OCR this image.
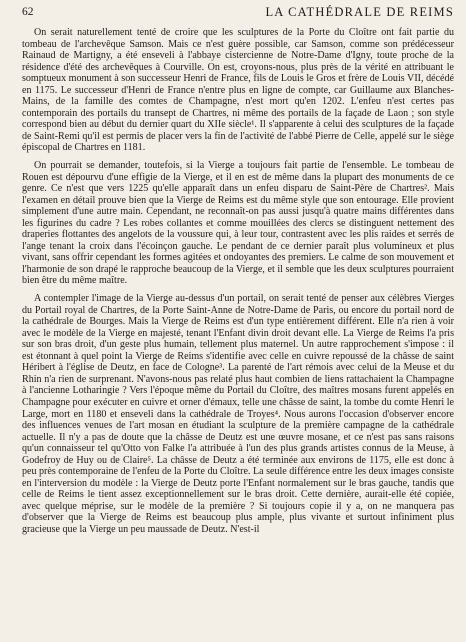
62	LA CATHÉDRALE DE REIMS

On serait naturellement tenté de croire que les sculptures de la Porte du Cloître ont fait partie du tombeau de l'archevêque Samson. Mais ce n'est guère possible, car Samson, comme son prédécesseur Rainaud de Martigny, a été enseveli à l'abbaye cistercienne de Notre-Dame d'Igny, toute proche de la résidence d'été des archevêques à Courville. On est, croyons-nous, plus près de la vérité en attribuant le somptueux monument à son successeur Henri de France, fils de Louis le Gros et frère de Louis VII, décédé en 1175. Le successeur d'Henri de France n'entre plus en ligne de compte, car Guillaume aux Blanches-Mains, de la famille des comtes de Champagne, n'est mort qu'en 1202. L'enfeu n'est certes pas contemporain des portails du transept de Chartres, ni même des portails de la façade de Laon ; son style correspond bien au début du dernier quart du XIIe siècle¹. Il s'apparente à celui des sculptures de la façade de Saint-Remi qu'il est permis de placer vers la fin de l'activité de l'abbé Pierre de Celle, appelé sur le siège épiscopal de Chartres en 1181.

On pourrait se demander, toutefois, si la Vierge a toujours fait partie de l'ensemble. Le tombeau de Rouen est dépourvu d'une effigie de la Vierge, et il en est de même dans la plupart des monuments de ce genre. Ce n'est que vers 1225 qu'elle apparaît dans un enfeu disparu de Saint-Père de Chartres². Mais l'examen en détail prouve bien que la Vierge de Reims est du même style que son entourage. Elle provient simplement d'une autre main. Cependant, ne reconnaît-on pas aussi jusqu'à quatre mains différentes dans les figurines du cadre ? Les robes collantes et comme mouillées des clercs se distinguent nettement des draperies flottantes des angelots de la voussure qui, à leur tour, contrastent avec les plis raides et serrés de l'ange tenant la croix dans l'écoinçon gauche. Le pendant de ce dernier paraît plus volumineux et plus vivant, sans offrir cependant les formes agitées et ondoyantes des premiers. Le calme de son mouvement et l'harmonie de son drapé le rapproche beaucoup de la Vierge, et il semble que les deux sculptures pourraient bien être du même maître.

A contempler l'image de la Vierge au-dessus d'un portail, on serait tenté de penser aux célèbres Vierges du Portail royal de Chartres, de la Porte Saint-Anne de Notre-Dame de Paris, ou encore du portail nord de la cathédrale de Bourges. Mais la Vierge de Reims est d'un type entièrement différent. Elle n'a rien à voir avec le modèle de la Vierge en majesté, tenant l'Enfant divin droit devant elle. La Vierge de Reims l'a pris sur son bras droit, d'un geste plus humain, tellement plus maternel. Un autre rapprochement s'impose : il est étonnant à quel point la Vierge de Reims s'identifie avec celle en cuivre repoussé de la châsse de saint Héribert à l'église de Deutz, en face de Cologne³. La parenté de l'art rémois avec celui de la Meuse et du Rhin n'a rien de surprenant. N'avons-nous pas relaté plus haut combien de liens rattachaient la Champagne à l'ancienne Lotharingie ? Vers l'époque même du Portail du Cloître, des maîtres mosans furent appelés en Champagne pour exécuter en cuivre et orner d'émaux, telle une châsse de saint, la tombe du comte Henri le Large, mort en 1180 et enseveli dans la cathédrale de Troyes⁴. Nous aurons l'occasion d'observer encore des influences venues de l'art mosan en étudiant la sculpture de la première campagne de la cathédrale actuelle. Il n'y a pas de doute que la châsse de Deutz est une œuvre mosane, et ce n'est pas sans raisons qu'un connaisseur tel qu'Otto von Falke l'a attribuée à l'un des plus grands artistes connus de la Meuse, à Godefroy de Huy ou de Claire⁵. La châsse de Deutz a été terminée aux environs de 1175, elle est donc à peu près contemporaine de l'enfeu de la Porte du Cloître. La seule différence entre les deux images consiste en l'interversion du modèle : la Vierge de Deutz porte l'Enfant normalement sur le bras gauche, tandis que celle de Reims le tient assez exceptionnellement sur le bras droit. Cette dernière, aurait-elle été copiée, avec quelque méprise, sur le modèle de la première ? Si toujours copie il y a, on ne manquera pas d'observer que la Vierge de Reims est beaucoup plus ample, plus vivante et surtout infiniment plus gracieuse que la Vierge un peu maussade de Deutz. N'est-il
